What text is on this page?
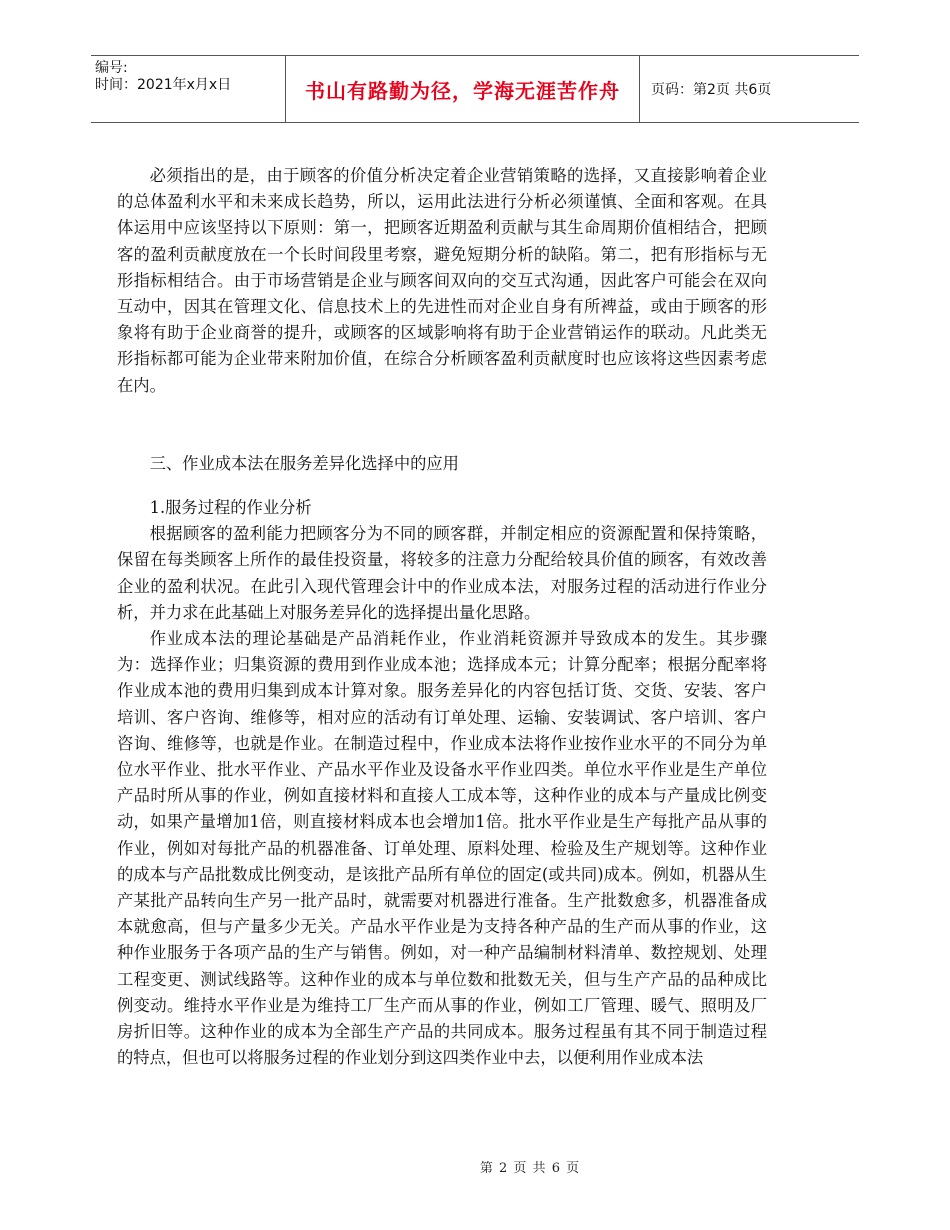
编号:
时间：2021年x月x日	书山有路勤为径，学海无涯苦作舟	页码：第2页 共6页

必须指出的是，由于顾客的价值分析决定着企业营销策略的选择，又直接影响着企业的总体盈利水平和未来成长趋势，所以，运用此法进行分析必须谨慎、全面和客观。在具体运用中应该坚持以下原则：第一，把顾客近期盈利贡献与其生命周期价值相结合，把顾客的盈利贡献度放在一个长时间段里考察，避免短期分析的缺陷。第二，把有形指标与无形指标相结合。由于市场营销是企业与顾客间双向的交互式沟通，因此客户可能会在双向互动中，因其在管理文化、信息技术上的先进性而对企业自身有所裨益，或由于顾客的形象将有助于企业商誉的提升，或顾客的区域影响将有助于企业营销运作的联动。凡此类无形指标都可能为企业带来附加价值，在综合分析顾客盈利贡献度时也应该将这些因素考虑在内。

三、作业成本法在服务差异化选择中的应用
1.服务过程的作业分析

根据顾客的盈利能力把顾客分为不同的顾客群，并制定相应的资源配置和保持策略，保留在每类顾客上所作的最佳投资量，将较多的注意力分配给较具价值的顾客，有效改善企业的盈利状况。在此引入现代管理会计中的作业成本法，对服务过程的活动进行作业分析，并力求在此基础上对服务差异化的选择提出量化思路。

作业成本法的理论基础是产品消耗作业，作业消耗资源并导致成本的发生。其步骤为：选择作业；归集资源的费用到作业成本池；选择成本元；计算分配率；根据分配率将作业成本池的费用归集到成本计算对象。服务差异化的内容包括订货、交货、安装、客户培训、客户咨询、维修等，相对应的活动有订单处理、运输、安装调试、客户培训、客户咨询、维修等，也就是作业。在制造过程中，作业成本法将作业按作业水平的不同分为单位水平作业、批水平作业、产品水平作业及设备水平作业四类。单位水平作业是生产单位产品时所从事的作业，例如直接材料和直接人工成本等，这种作业的成本与产量成比例变动，如果产量增加1倍，则直接材料成本也会增加1倍。批水平作业是生产每批产品从事的作业，例如对每批产品的机器准备、订单处理、原料处理、检验及生产规划等。这种作业的成本与产品批数成比例变动，是该批产品所有单位的固定(或共同)成本。例如，机器从生产某批产品转向生产另一批产品时，就需要对机器进行准备。生产批数愈多，机器准备成本就愈高，但与产量多少无关。产品水平作业是为支持各种产品的生产而从事的作业，这种作业服务于各项产品的生产与销售。例如，对一种产品编制材料清单、数控规划、处理工程变更、测试线路等。这种作业的成本与单位数和批数无关，但与生产产品的品种成比例变动。维持水平作业是为维持工厂生产而从事的作业，例如工厂管理、暖气、照明及厂房折旧等。这种作业的成本为全部生产产品的共同成本。服务过程虽有其不同于制造过程的特点，但也可以将服务过程的作业划分到这四类作业中去，以便利用作业成本法

第 2 页 共 6 页
